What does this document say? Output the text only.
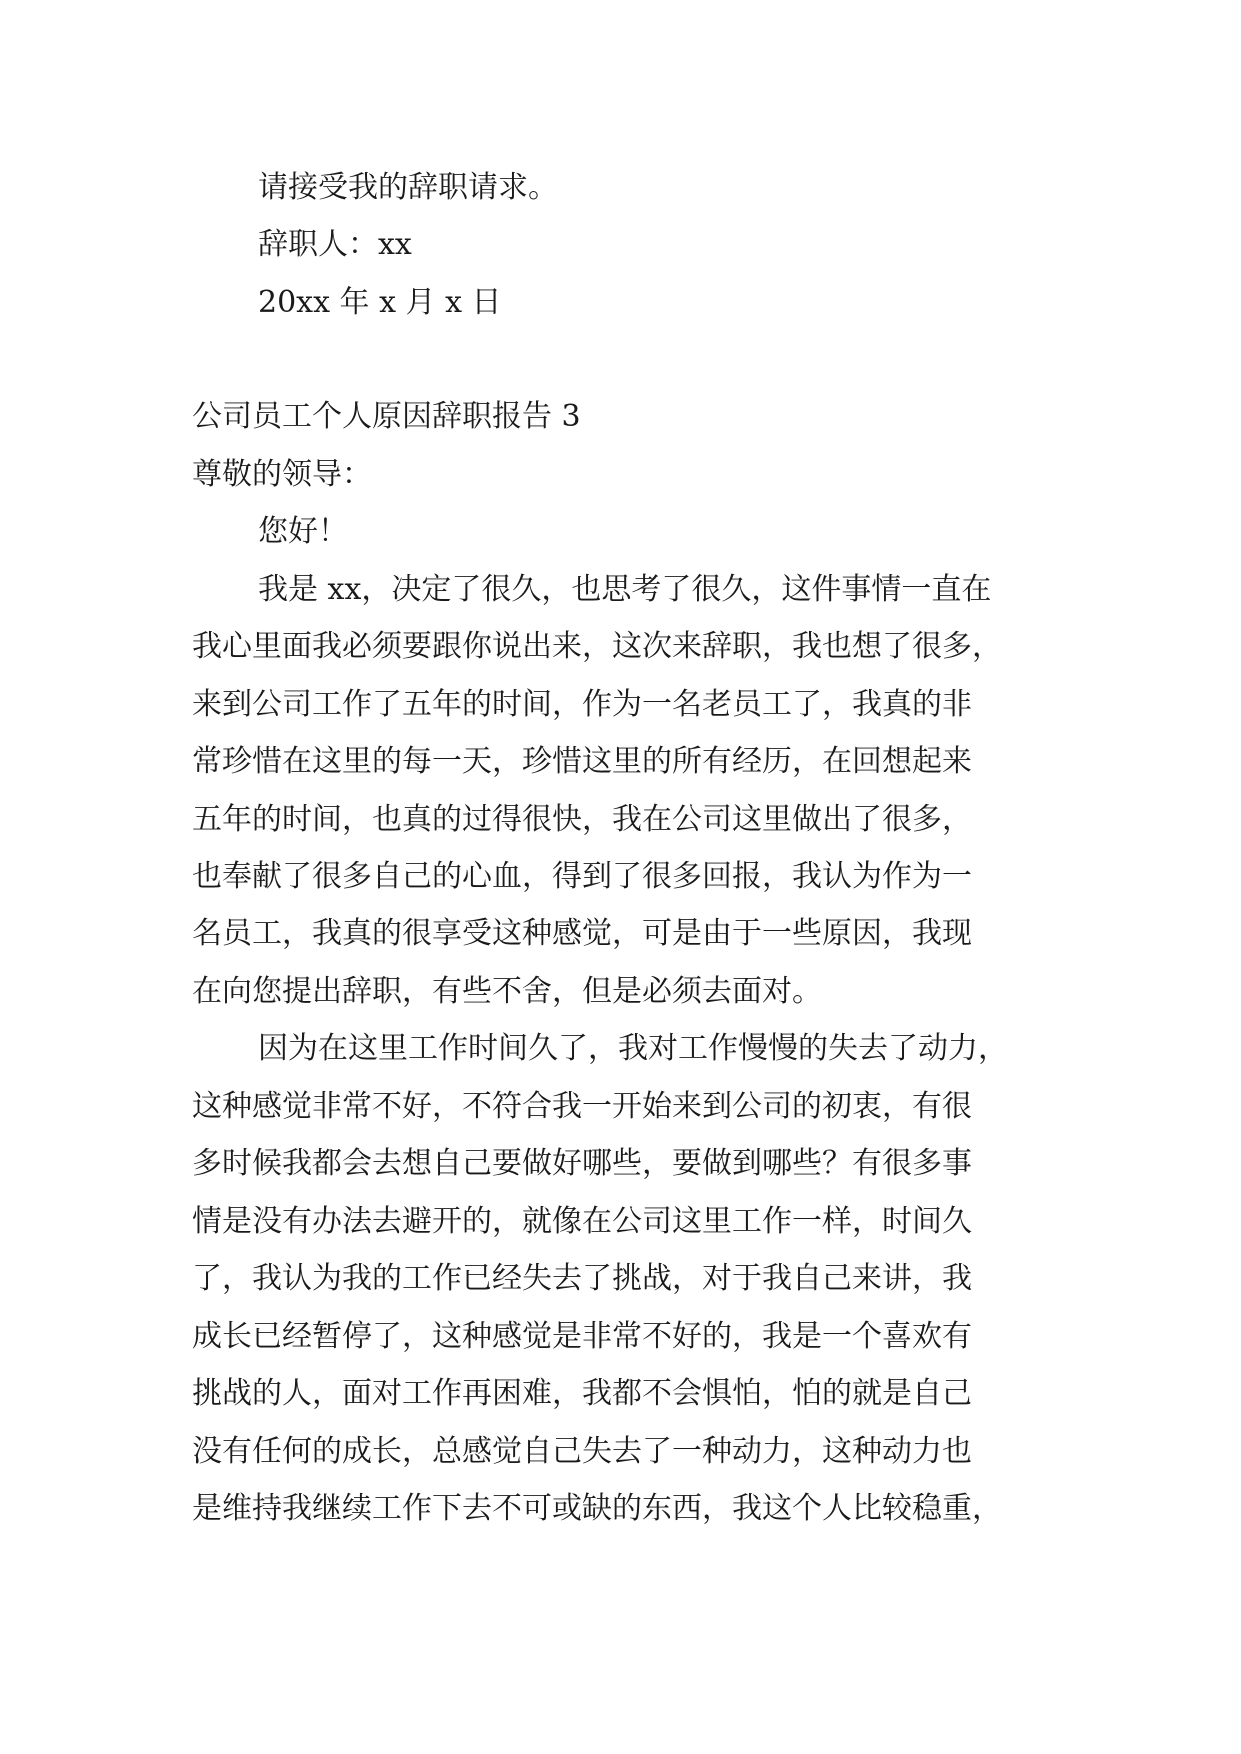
请接受我的辞职请求。
辞职人：xx
20xx 年 x 月 x 日
公司员工个人原因辞职报告 3
尊敬的领导：
您好！
我是 xx，决定了很久，也思考了很久，这件事情一直在
我心里面我必须要跟你说出来，这次来辞职，我也想了很多，
来到公司工作了五年的时间，作为一名老员工了，我真的非
常珍惜在这里的每一天，珍惜这里的所有经历，在回想起来
五年的时间，也真的过得很快，我在公司这里做出了很多，
也奉献了很多自己的心血，得到了很多回报，我认为作为一
名员工，我真的很享受这种感觉，可是由于一些原因，我现
在向您提出辞职，有些不舍，但是必须去面对。
因为在这里工作时间久了，我对工作慢慢的失去了动力，
这种感觉非常不好，不符合我一开始来到公司的初衷，有很
多时候我都会去想自己要做好哪些，要做到哪些？有很多事
情是没有办法去避开的，就像在公司这里工作一样，时间久
了，我认为我的工作已经失去了挑战，对于我自己来讲，我
成长已经暂停了，这种感觉是非常不好的，我是一个喜欢有
挑战的人，面对工作再困难，我都不会惧怕，怕的就是自己
没有任何的成长，总感觉自己失去了一种动力，这种动力也
是维持我继续工作下去不可或缺的东西，我这个人比较稳重，
